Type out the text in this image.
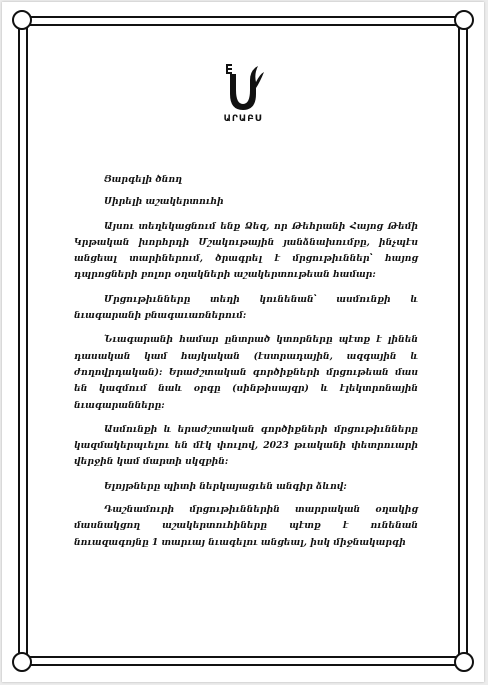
ԱՐԱԲՍ

Յարգելի ծնող

Սիրելի աշակերտուհի

Այսու տեղեկացնում ենք Ձեզ, որ Թեհրանի Հայոց Թեմի Կրթական խորհրդի Մշակութային յանձնախումբը, ինչպէս անցեալ տարիներում, ծրագրել է մրցութիւններ՝ հայոց դպրոցների բոլոր օղակների աշակերտութեան համար:

Մրցութիւնները տեղի կունենան՝ ասմունքի և նւագարանի բնագաւառներում:

Նւագարանի համար ընտրած կտորները պէտք է լինեն դասական կամ հայկական (էստրադային, ազգային և ժողովրդական): Երաժշտական գործիքների մրցութեան մաս են կազմում նաև օրգը (սինթիսայզր) և էլեկտրոնային նւագարանները:

Ասմունքի և երաժշտական գործիքների մրցութիւնները կազմակերպւելու են մէկ փուլով, 2023 թւականի փետրուարի վերջին կամ մարտի սկզբին:

Ելոյթները պիտի ներկայացւեն անգիր ձևով:

Դաշնամուրի մրցութիւններին տարրական օղակից մասնակցող աշակերտուհիները պէտք է ունենան նուազագոյնը 1 տարւայ նւագելու անցեալ, իսկ միջնակարգի
